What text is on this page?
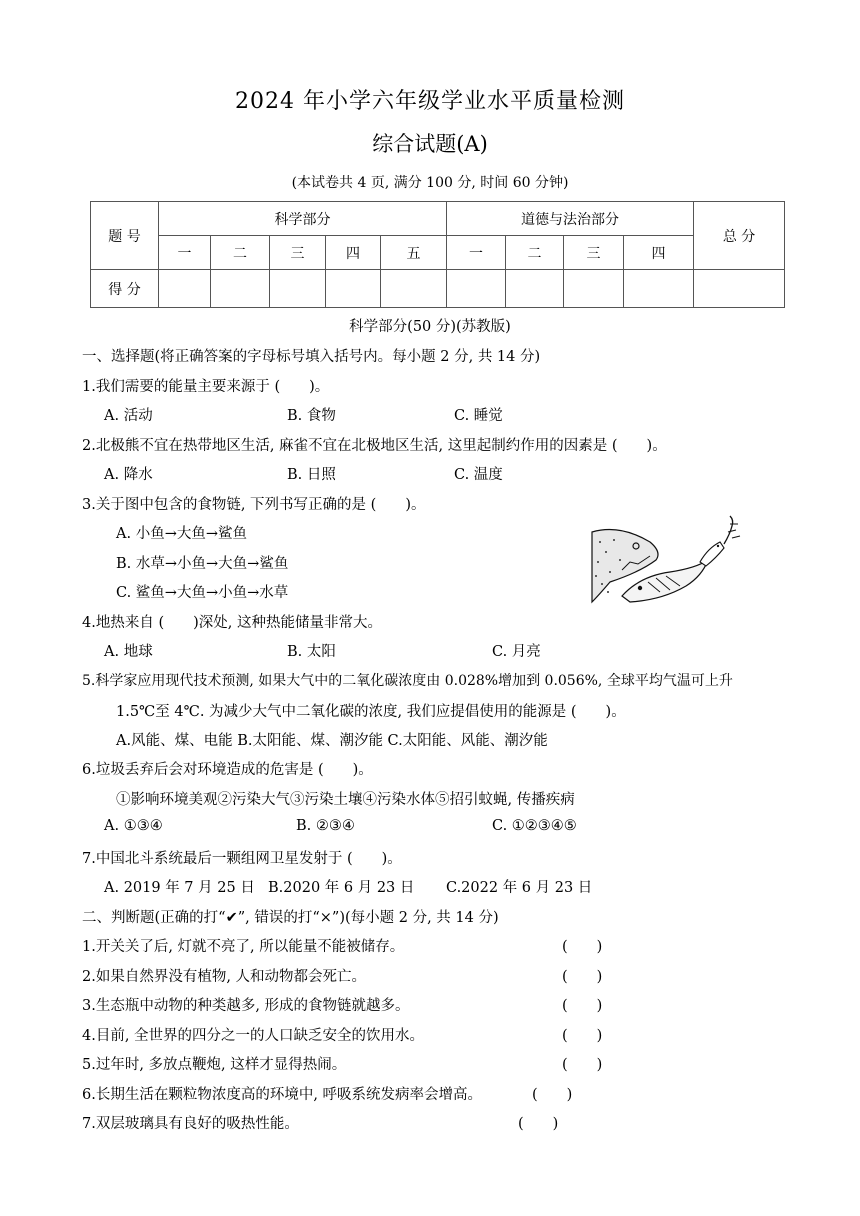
2024 年小学六年级学业水平质量检测
综合试题(A)
(本试卷共 4 页, 满分 100 分, 时间 60 分钟)
题 号	科学部分					道德与法治部分				总 分
	一	二	三	四	五	一	二	三	四	
得 分										
科学部分(50 分)(苏教版)
一、选择题(将正确答案的字母标号填入括号内。每小题 2 分, 共 14 分)
1.我们需要的能量主要来源于 (　　)。
A. 活动	B. 食物	C. 睡觉
2.北极熊不宜在热带地区生活, 麻雀不宜在北极地区生活, 这里起制约作用的因素是 (　　)。
A. 降水	B. 日照	C. 温度
3.关于图中包含的食物链, 下列书写正确的是 (　　)。
A. 小鱼→大鱼→鲨鱼
B. 水草→小鱼→大鱼→鲨鱼
C. 鲨鱼→大鱼→小鱼→水草
4.地热来自 (　　)深处, 这种热能储量非常大。
A. 地球	B. 太阳	C. 月亮
5.科学家应用现代技术预测, 如果大气中的二氧化碳浓度由 0.028%增加到 0.056%, 全球平均气温可上升
1.5℃至 4℃. 为减少大气中二氧化碳的浓度, 我们应提倡使用的能源是 (　　)。
A.风能、煤、电能 B.太阳能、煤、潮汐能 C.太阳能、风能、潮汐能
6.垃圾丢弃后会对环境造成的危害是 (　　)。
①影响环境美观②污染大气③污染土壤④污染水体⑤招引蚊蝇, 传播疾病
A. ①③④	B. ②③④	C. ①②③④⑤
7.中国北斗系统最后一颗组网卫星发射于 (　　)。
A. 2019 年 7 月 25 日 B.2020 年 6 月 23 日 C.2022 年 6 月 23 日
二、判断题(正确的打“✔”, 错误的打“×”)(每小题 2 分, 共 14 分)
1.开关关了后, 灯就不亮了, 所以能量不能被储存。	(　　)
2.如果自然界没有植物, 人和动物都会死亡。	(　　)
3.生态瓶中动物的种类越多, 形成的食物链就越多。	(　　)
4.目前, 全世界的四分之一的人口缺乏安全的饮用水。	(　　)
5.过年时, 多放点鞭炮, 这样才显得热闹。	(　　)
6.长期生活在颗粒物浓度高的环境中, 呼吸系统发病率会增高。	(　　)
7.双层玻璃具有良好的吸热性能。	(　　)
